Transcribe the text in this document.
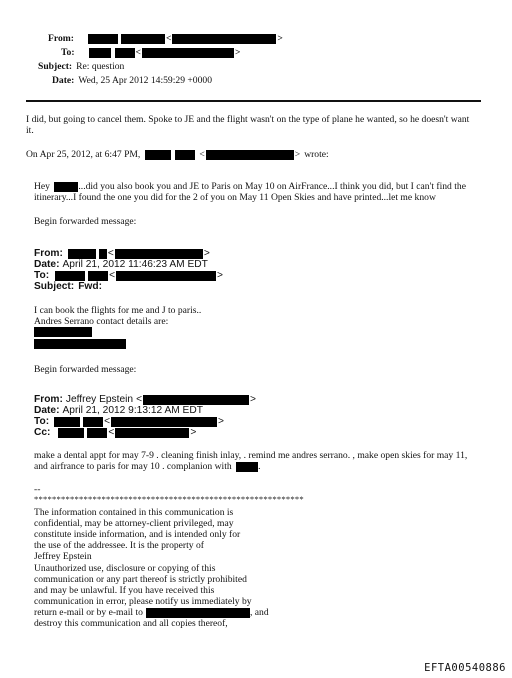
From:	<	>
To:	<	>
Subject: Re: question
Date: Wed, 25 Apr 2012 14:59:29 +0000
I did, but going to cancel them. Spoke to JE and the flight wasn't on the type of plane he wanted, so he doesn't want it.
On Apr 25, 2012, at 6:47 PM,	<	> wrote:
Hey	...did you also book you and JE to Paris on May 10 on AirFrance...I think you did, but I can't find the itinerary...I found the one you did for the 2 of you on May 11 Open Skies and have printed...let me know
Begin forwarded message:
From:	<	>
Date: April 21, 2012 11:46:23 AM EDT
To:	<	>
Subject: Fwd:
I can book the flights for me and J to paris..
Andres Serrano contact details are:
Begin forwarded message:
From: Jeffrey Epstein <	>
Date: April 21, 2012 9:13:12 AM EDT
To:	<	>
Cc:	<	>
make a dental appt for may 7-9 . cleaning finish inlay, . remind me andres serrano. , make open skies for may 11, and airfrance to paris for may 10 . complanion with	.
--
************************************************************
The information contained in this communication is
confidential, may be attorney-client privileged, may
constitute inside information, and is intended only for
the use of the addressee. It is the property of
Jeffrey Epstein
Unauthorized use, disclosure or copying of this
communication or any part thereof is strictly prohibited
and may be unlawful. If you have received this
communication in error, please notify us immediately by
return e-mail or by e-mail to	, and
destroy this communication and all copies thereof,
EFTA00540886
